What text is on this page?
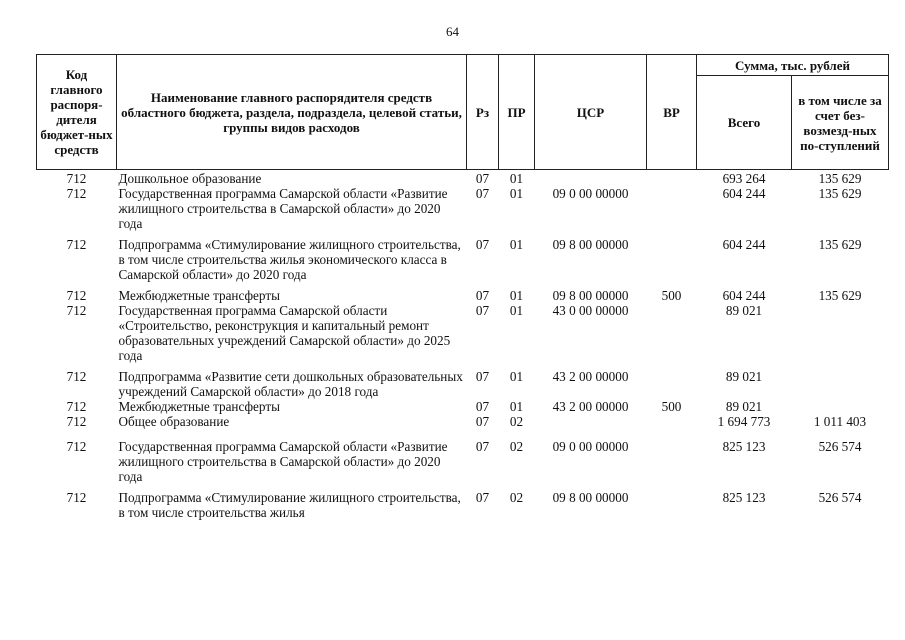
64
Код главного распоря-дителя бюджет-ных средств	Наименование главного распорядителя средств областного бюджета, раздела, подраздела, целевой статьи, группы видов расходов	Рз	ПР	ЦСР	ВР	Сумма, тыс. рублей	
						Всего	в том числе за счет без-возмезд-ных по-ступлений
712	Дошкольное образование	07	01			693 264	135 629
712	Государственная программа Самарской области «Развитие жилищного строительства в Самарской области» до 2020 года	07	01	09 0 00 00000		604 244	135 629
712	Подпрограмма «Стимулирование жилищного строительства, в том числе строительства жилья экономического класса в Самарской области» до 2020 года	07	01	09 8 00 00000		604 244	135 629
712	Межбюджетные трансферты	07	01	09 8 00 00000	500	604 244	135 629
712	Государственная программа Самарской области «Строительство, реконструкция и капитальный ремонт образовательных учреждений Самарской области» до 2025 года	07	01	43 0 00 00000		89 021	
712	Подпрограмма «Развитие сети дошкольных образовательных учреждений Самарской области» до 2018 года	07	01	43 2 00 00000		89 021	
712	Межбюджетные трансферты	07	01	43 2 00 00000	500	89 021	
712	Общее образование	07	02			1 694 773	1 011 403
712	Государственная программа Самарской области «Развитие жилищного строительства в Самарской области» до 2020 года	07	02	09 0 00 00000		825 123	526 574
712	Подпрограмма «Стимулирование жилищного строительства, в том числе строительства жилья	07	02	09 8 00 00000		825 123	526 574
